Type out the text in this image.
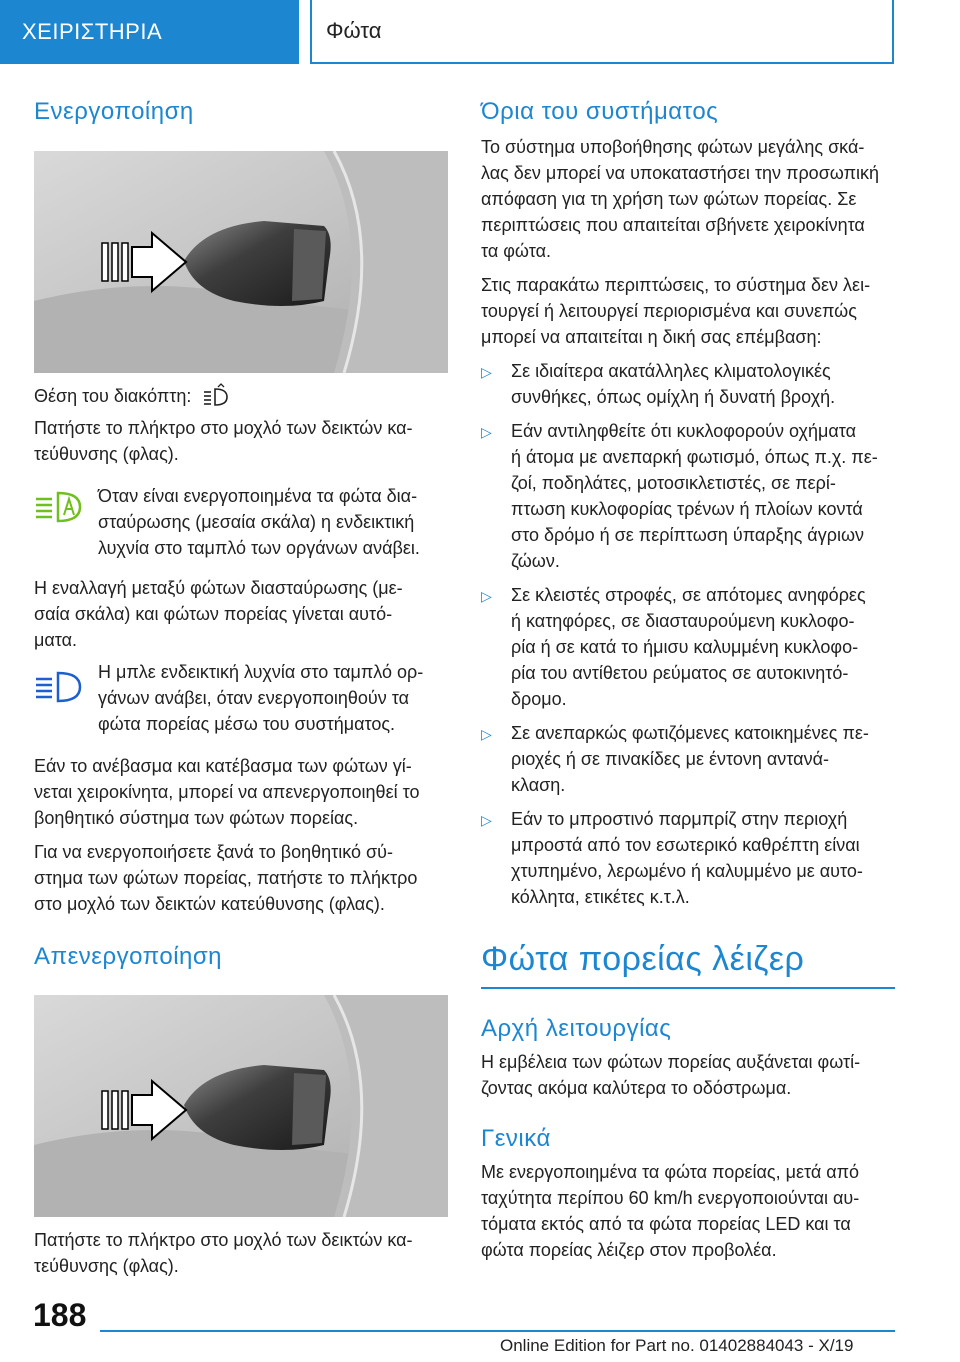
ΧΕΙΡΙΣΤΗΡΙΑ	Φώτα
Ενεργοποίηση

Θέση του διακόπτη:

Πατήστε το πλήκτρο στο μοχλό των δεικτών κα-
τεύθυνσης (φλας).

Όταν είναι ενεργοποιημένα τα φώτα δια-
σταύρωσης (μεσαία σκάλα) η ενδεικτική
λυχνία στο ταμπλό των οργάνων ανάβει.

Η εναλλαγή μεταξύ φώτων διασταύρωσης (με-
σαία σκάλα) και φώτων πορείας γίνεται αυτό-
ματα.

Η μπλε ενδεικτική λυχνία στο ταμπλό ορ-
γάνων ανάβει, όταν ενεργοποιηθούν τα
φώτα πορείας μέσω του συστήματος.

Εάν το ανέβασμα και κατέβασμα των φώτων γί-
νεται χειροκίνητα, μπορεί να απενεργοποιηθεί το
βοηθητικό σύστημα των φώτων πορείας.

Για να ενεργοποιήσετε ξανά το βοηθητικό σύ-
στημα των φώτων πορείας, πατήστε το πλήκτρο
στο μοχλό των δεικτών κατεύθυνσης (φλας).

Απενεργοποίηση

Πατήστε το πλήκτρο στο μοχλό των δεικτών κα-
τεύθυνσης (φλας).

Όρια του συστήματος

Το σύστημα υποβοήθησης φώτων μεγάλης σκά-
λας δεν μπορεί να υποκαταστήσει την προσωπική
απόφαση για τη χρήση των φώτων πορείας. Σε
περιπτώσεις που απαιτείται σβήνετε χειροκίνητα
τα φώτα.

Στις παρακάτω περιπτώσεις, το σύστημα δεν λει-
τουργεί ή λειτουργεί περιορισμένα και συνεπώς
μπορεί να απαιτείται η δική σας επέμβαση:

▷	Σε ιδιαίτερα ακατάλληλες κλιματολογικές
συνθήκες, όπως ομίχλη ή δυνατή βροχή.
▷	Εάν αντιληφθείτε ότι κυκλοφορούν οχήματα
ή άτομα με ανεπαρκή φωτισμό, όπως π.χ. πε-
ζοί, ποδηλάτες, μοτοσικλετιστές, σε περί-
πτωση κυκλοφορίας τρένων ή πλοίων κοντά
στο δρόμο ή σε περίπτωση ύπαρξης άγριων
ζώων.
▷	Σε κλειστές στροφές, σε απότομες ανηφόρες
ή κατηφόρες, σε διασταυρούμενη κυκλοφο-
ρία ή σε κατά το ήμισυ καλυμμένη κυκλοφο-
ρία του αντίθετου ρεύματος σε αυτοκινητό-
δρομο.
▷	Σε ανεπαρκώς φωτιζόμενες κατοικημένες πε-
ριοχές ή σε πινακίδες με έντονη αντανά-
κλαση.
▷	Εάν το μπροστινό παρμπρίζ στην περιοχή
μπροστά από τον εσωτερικό καθρέπτη είναι
χτυπημένο, λερωμένο ή καλυμμένο με αυτο-
κόλλητα, ετικέτες κ.τ.λ.
Φώτα πορείας λέιζερ
Αρχή λειτουργίας

Η εμβέλεια των φώτων πορείας αυξάνεται φωτί-
ζοντας ακόμα καλύτερα το οδόστρωμα.

Γενικά

Με ενεργοποιημένα τα φώτα πορείας, μετά από
ταχύτητα περίπου 60 km/h ενεργοποιούνται αυ-
τόματα εκτός από τα φώτα πορείας LED και τα
φώτα πορείας λέιζερ στον προβολέα.

188
Online Edition for Part no. 01402884043 - X/19
